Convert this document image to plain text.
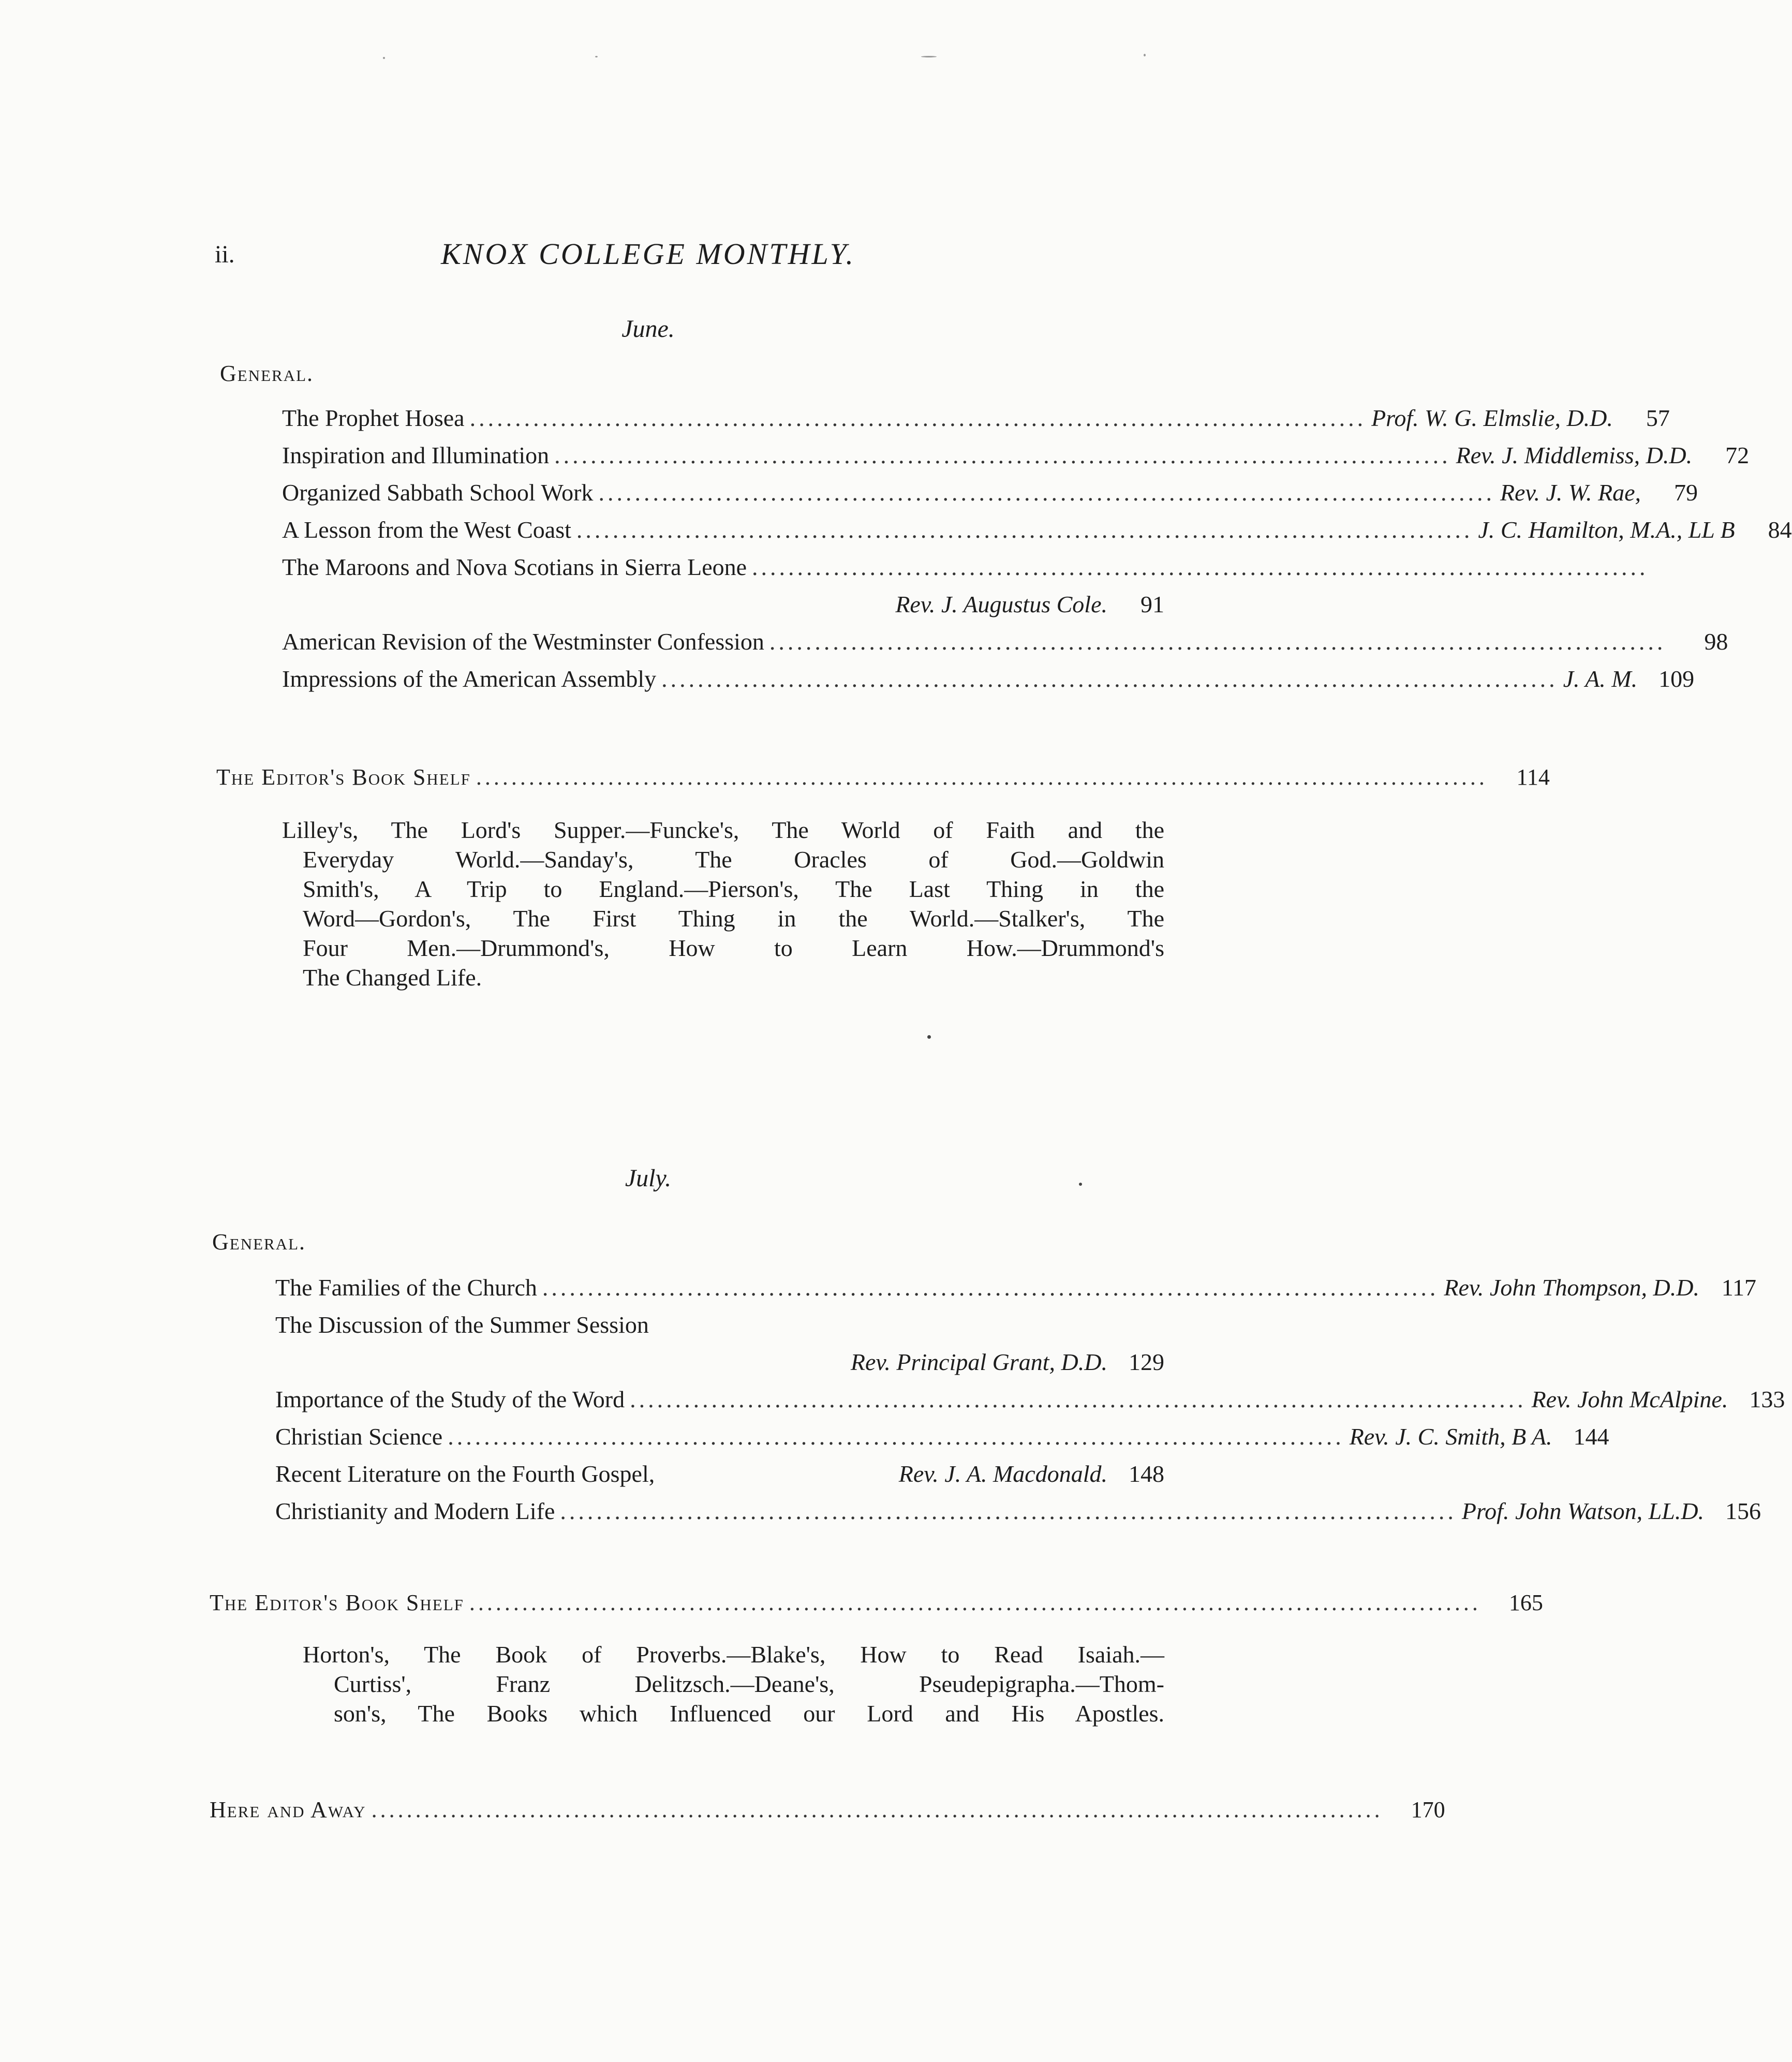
ii.	KNOX COLLEGE MONTHLY.
June.
General.
The Prophet Hosea ................................................................................................... Prof. W. G. Elmslie, D.D.	57
Inspiration and Illumination ................................................................................................... Rev. J. Middlemiss, D.D.	72
Organized Sabbath School Work ................................................................................................... Rev. J. W. Rae,	79
A Lesson from the West Coast ................................................................................................... J. C. Hamilton, M.A., LL B	84
The Maroons and Nova Scotians in Sierra Leone ...................................................................................................
Rev. J. Augustus Cole.	91
American Revision of the Westminster Confession ...................................................................................................	98
Impressions of the American Assembly ................................................................................................... J. A. M. 109
The Editor's Book Shelf ...................................................................................................................	114
Lilley's, The Lord's Supper.—Funcke's, The World of Faith and the
Everyday World.—Sanday's, The Oracles of God.—Goldwin
Smith's, A Trip to England.—Pierson's, The Last Thing in the
Word—Gordon's, The First Thing in the World.—Stalker's, The
Four Men.—Drummond's, How to Learn How.—Drummond's
The Changed Life.
July.
General.
The Families of the Church ................................................................................................... Rev. John Thompson, D.D. 117
The Discussion of the Summer Session
Rev. Principal Grant, D.D. 129
Importance of the Study of the Word ................................................................................................... Rev. John McAlpine. 133
Christian Science ................................................................................................... Rev. J. C. Smith, B A. 144
Recent Literature on the Fourth Gospel,	Rev. J. A. Macdonald. 148
Christianity and Modern Life ................................................................................................... Prof. John Watson, LL.D. 156
The Editor's Book Shelf ...................................................................................................................	165
Horton's, The Book of Proverbs.—Blake's, How to Read Isaiah.—
Curtiss', Franz Delitzsch.—Deane's, Pseudepigrapha.—Thom-
son's, The Books which Influenced our Lord and His Apostles.
Here and Away ...................................................................................................................	170
